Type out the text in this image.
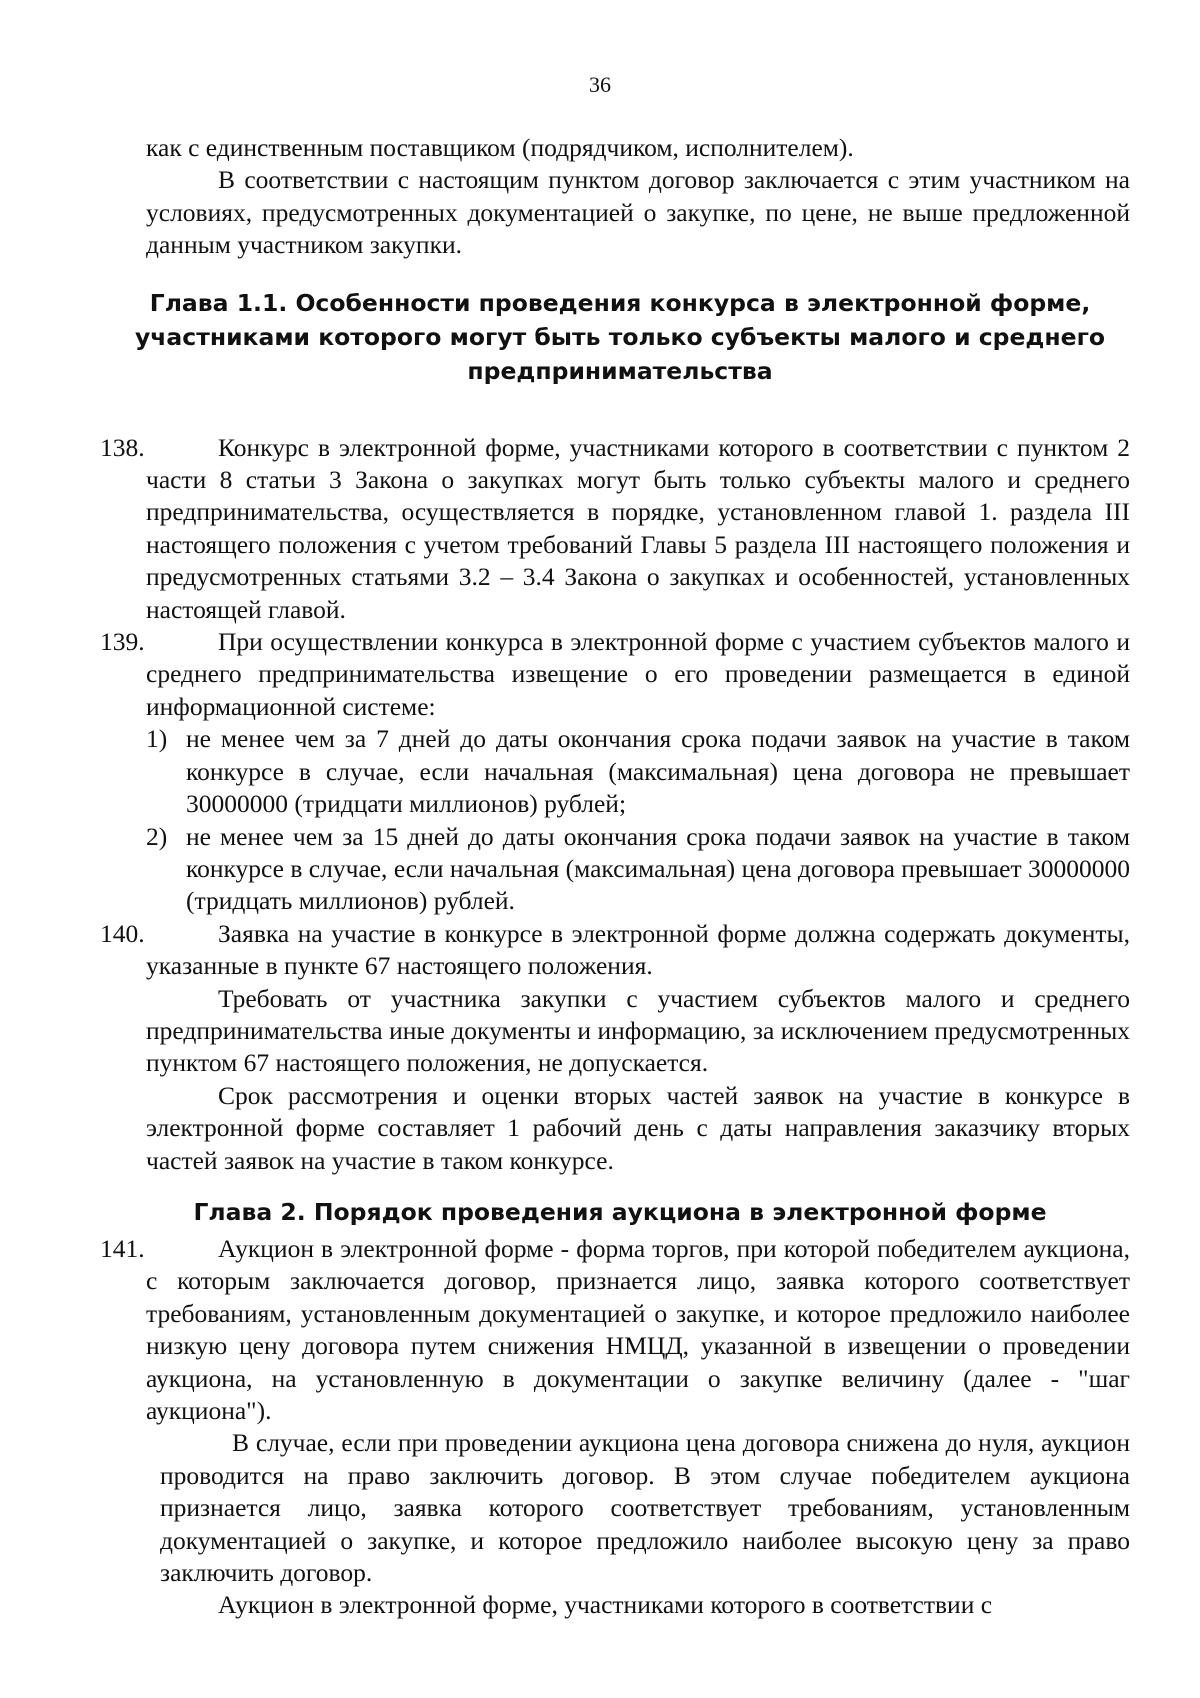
36

как с единственным поставщиком (подрядчиком, исполнителем).

В соответствии с настоящим пунктом договор заключается с этим участником на условиях, предусмотренных документацией о закупке, по цене, не выше предложенной данным участником закупки.

Глава 1.1. Особенности проведения конкурса в электронной форме, участниками которого могут быть только субъекты малого и среднего предпринимательства

138.	Конкурс в электронной форме, участниками которого в соответствии с пунктом 2 части 8 статьи 3 Закона о закупках могут быть только субъекты малого и среднего предпринимательства, осуществляется в порядке, установленном главой 1. раздела III настоящего положения с учетом требований Главы 5 раздела III настоящего положения и предусмотренных статьями 3.2 – 3.4 Закона о закупках и особенностей, установленных настоящей главой.

139.	При осуществлении конкурса в электронной форме с участием субъектов малого и среднего предпринимательства извещение о его проведении размещается в единой информационной системе:

1) не менее чем за 7 дней до даты окончания срока подачи заявок на участие в таком конкурсе в случае, если начальная (максимальная) цена договора не превышает 30000000 (тридцати миллионов) рублей;
2) не менее чем за 15 дней до даты окончания срока подачи заявок на участие в таком конкурсе в случае, если начальная (максимальная) цена договора превышает 30000000 (тридцать миллионов) рублей.

140.	Заявка на участие в конкурсе в электронной форме должна содержать документы, указанные в пункте 67 настоящего положения.

Требовать от участника закупки с участием субъектов малого и среднего предпринимательства иные документы и информацию, за исключением предусмотренных пунктом 67 настоящего положения, не допускается.

Срок рассмотрения и оценки вторых частей заявок на участие в конкурсе в электронной форме составляет 1 рабочий день с даты направления заказчику вторых частей заявок на участие в таком конкурсе.

Глава 2. Порядок проведения аукциона в электронной форме

141.	Аукцион в электронной форме - форма торгов, при которой победителем аукциона, с которым заключается договор, признается лицо, заявка которого соответствует требованиям, установленным документацией о закупке, и которое предложило наиболее низкую цену договора путем снижения НМЦД, указанной в извещении о проведении аукциона, на установленную в документации о закупке величину (далее - "шаг аукциона").

В случае, если при проведении аукциона цена договора снижена до нуля, аукцион проводится на право заключить договор. В этом случае победителем аукциона признается лицо, заявка которого соответствует требованиям, установленным документацией о закупке, и которое предложило наиболее высокую цену за право заключить договор.

Аукцион в электронной форме, участниками которого в соответствии с
